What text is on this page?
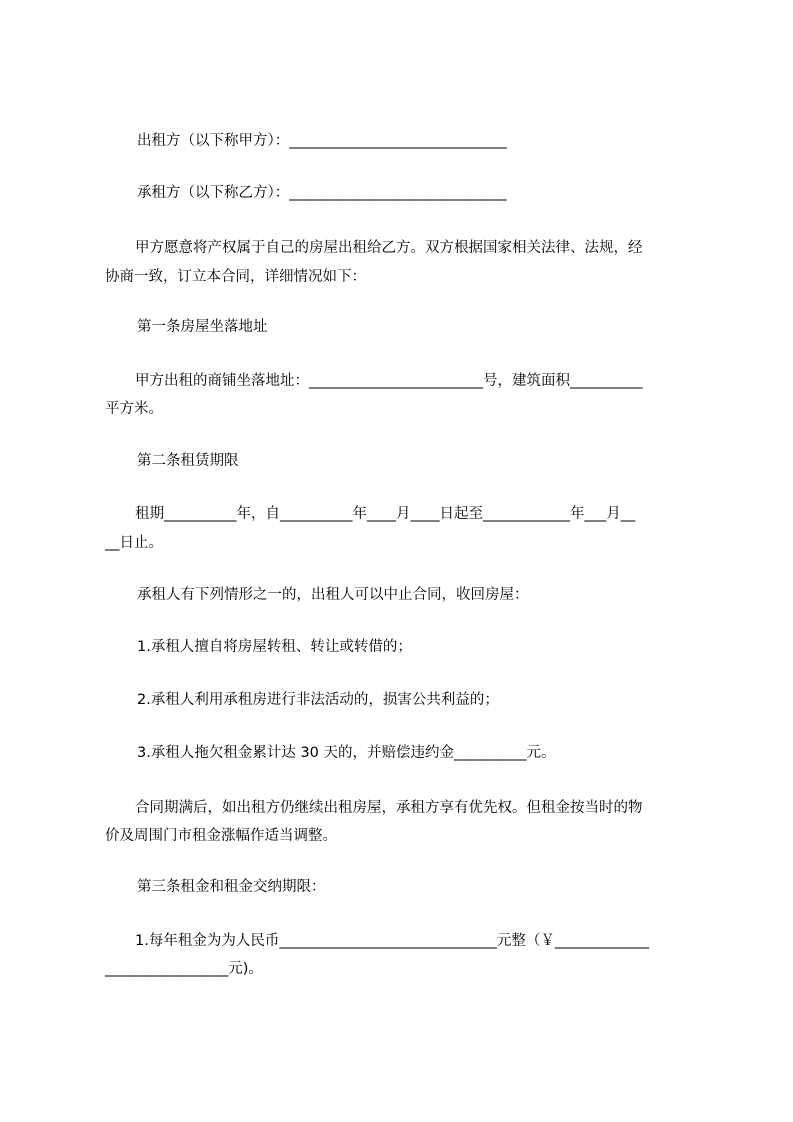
出租方（以下称甲方）：______________________________
承租方（以下称乙方）：______________________________
甲方愿意将产权属于自己的房屋出租给乙方。双方根据国家相关法律、法规，经
协商一致，订立本合同，详细情况如下：
第一条房屋坐落地址
甲方出租的商铺坐落地址：________________________号，建筑面积__________
平方米。
第二条租赁期限
租期__________年，自__________年____月____日起至____________年___月__
__日止。
承租人有下列情形之一的，出租人可以中止合同，收回房屋：
1.承租人擅自将房屋转租、转让或转借的；
2.承租人利用承租房进行非法活动的，损害公共利益的；
3.承租人拖欠租金累计达 30 天的，并赔偿违约金__________元。
合同期满后，如出租方仍继续出租房屋，承租方享有优先权。但租金按当时的物
价及周围门市租金涨幅作适当调整。
第三条租金和租金交纳期限：
1.每年租金为为人民币______________________________元整（￥_____________
_________________元)。
